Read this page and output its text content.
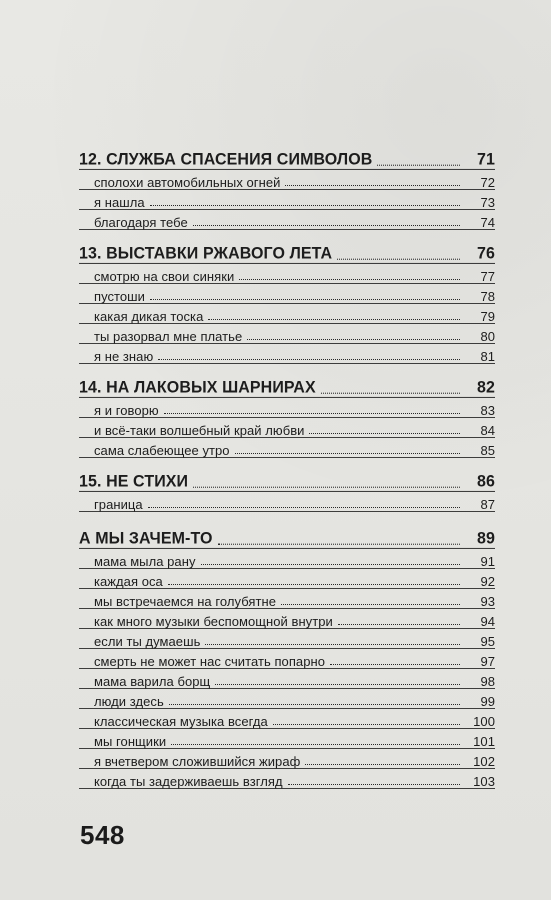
12. СЛУЖБА СПАСЕНИЯ СИМВОЛОВ	71
сполохи автомобильных огней	72
я нашла	73
благодаря тебе	74
13. ВЫСТАВКИ РЖАВОГО ЛЕТА	76
смотрю на свои синяки	77
пустоши	78
какая дикая тоска	79
ты разорвал мне платье	80
я не знаю	81
14. НА ЛАКОВЫХ ШАРНИРАХ	82
я и говорю	83
и всё-таки волшебный край любви	84
сама слабеющее утро	85
15. НЕ СТИХИ	86
граница	87
А МЫ ЗАЧЕМ-ТО	89
мама мыла рану	91
каждая оса	92
мы встречаемся на голубятне	93
как много музыки беспомощной внутри	94
если ты думаешь	95
смерть не может нас считать попарно	97
мама варила борщ	98
люди здесь	99
классическая музыка всегда	100
мы гонщики	101
я вчетвером сложившийся жираф	102
когда ты задерживаешь взгляд	103
548
